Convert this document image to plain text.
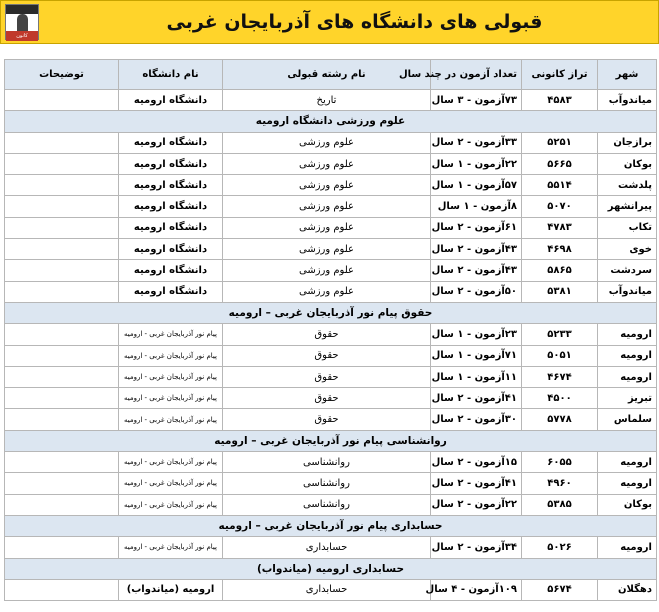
کانون
قبولی های دانشگاه های آذربایجان غربی
شهر	تراز کانونی	تعداد آزمون در چند سال	نام رشته قبولی	نام دانشگاه	توضیحات
میاندوآب	۴۵۸۳	۷۳آزمون - ۳ سال	تاریخ	دانشگاه ارومیه	
علوم ورزشی دانشگاه ارومیه					
برازجان	۵۲۵۱	۳۳آزمون - ۲ سال	علوم ورزشی	دانشگاه ارومیه	
بوکان	۵۶۶۵	۲۲آزمون - ۱ سال	علوم ورزشی	دانشگاه ارومیه	
پلدشت	۵۵۱۴	۵۷آزمون - ۱ سال	علوم ورزشی	دانشگاه ارومیه	
پیرانشهر	۵۰۷۰	۸آزمون - ۱ سال	علوم ورزشی	دانشگاه ارومیه	
تکاب	۴۷۸۳	۶۱آزمون - ۲ سال	علوم ورزشی	دانشگاه ارومیه	
خوی	۴۶۹۸	۴۳آزمون - ۲ سال	علوم ورزشی	دانشگاه ارومیه	
سردشت	۵۸۶۵	۴۳آزمون - ۲ سال	علوم ورزشی	دانشگاه ارومیه	
میاندوآب	۵۳۸۱	۵۰آزمون - ۲ سال	علوم ورزشی	دانشگاه ارومیه	
حقوق پیام نور آذربایجان غربی – ارومیه					
ارومیه	۵۲۳۳	۲۳آزمون - ۱ سال	حقوق	پیام نور آذربایجان غربی - ارومیه	
ارومیه	۵۰۵۱	۷۱آزمون - ۱ سال	حقوق	پیام نور آذربایجان غربی - ارومیه	
ارومیه	۴۶۷۴	۱۱آزمون - ۱ سال	حقوق	پیام نور آذربایجان غربی - ارومیه	
تبریز	۴۵۰۰	۴۱آزمون - ۲ سال	حقوق	پیام نور آذربایجان غربی - ارومیه	
سلماس	۵۷۷۸	۳۰آزمون - ۲ سال	حقوق	پیام نور آذربایجان غربی - ارومیه	
روانشناسی پیام نور آذربایجان غربی – ارومیه					
ارومیه	۶۰۵۵	۱۵آزمون - ۲ سال	روانشناسی	پیام نور آذربایجان غربی - ارومیه	
ارومیه	۴۹۶۰	۴۱آزمون - ۲ سال	روانشناسی	پیام نور آذربایجان غربی - ارومیه	
بوکان	۵۳۸۵	۲۲آزمون - ۲ سال	روانشناسی	پیام نور آذربایجان غربی - ارومیه	
حسابداری پیام نور آذربایجان غربی – ارومیه					
ارومیه	۵۰۲۶	۳۴آزمون - ۲ سال	حسابداری	پیام نور آذربایجان غربی - ارومیه	
حسابداری ارومیه (میاندواب)					
دهگلان	۵۶۷۴	۱۰۹آزمون - ۴ سال	حسابداری	ارومیه (میاندواب)	
